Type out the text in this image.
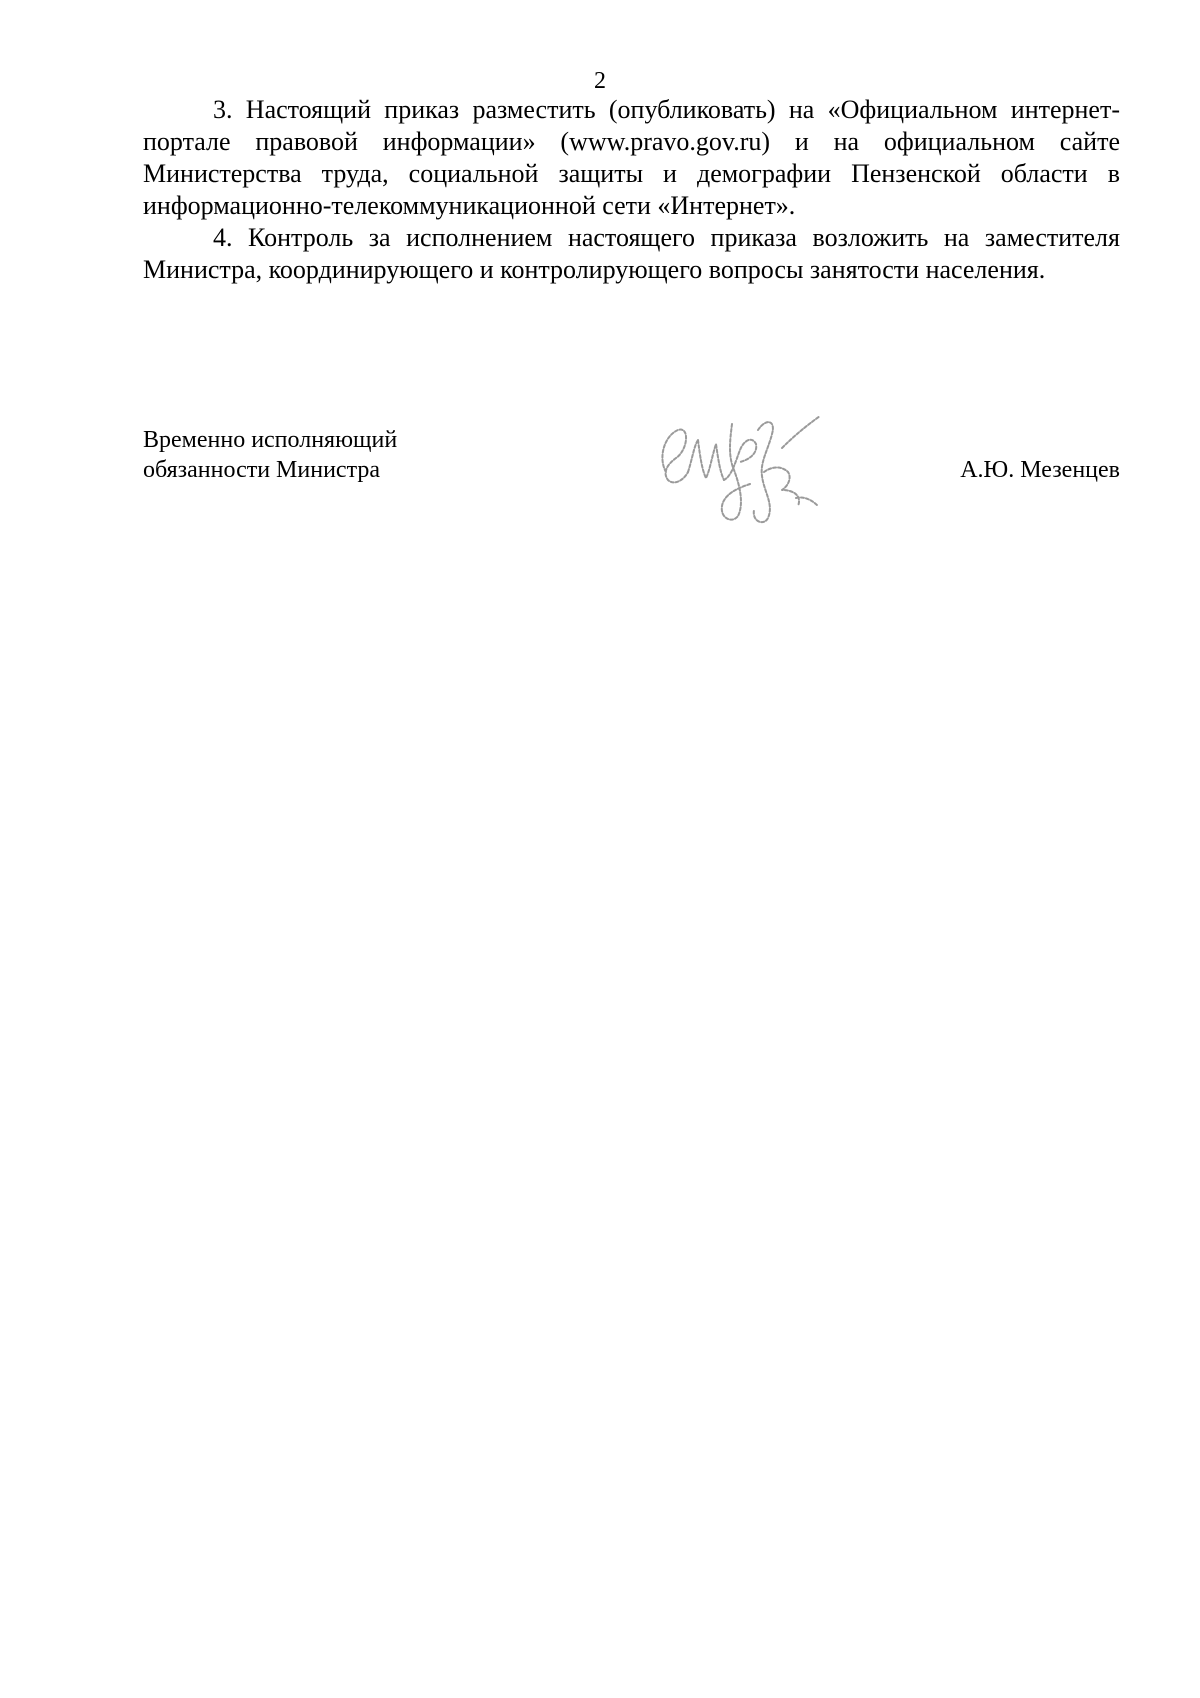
2

3. Настоящий приказ разместить (опубликовать) на «Официальном интернет-портале правовой информации» (www.pravo.gov.ru) и на официальном сайте Министерства труда, социальной защиты и демографии Пензенской области в информационно-телекоммуникационной сети «Интернет».

4. Контроль за исполнением настоящего приказа возложить на заместителя Министра, координирующего и контролирующего вопросы занятости населения.

Временно исполняющий
обязанности Министра	А.Ю. Мезенцев
